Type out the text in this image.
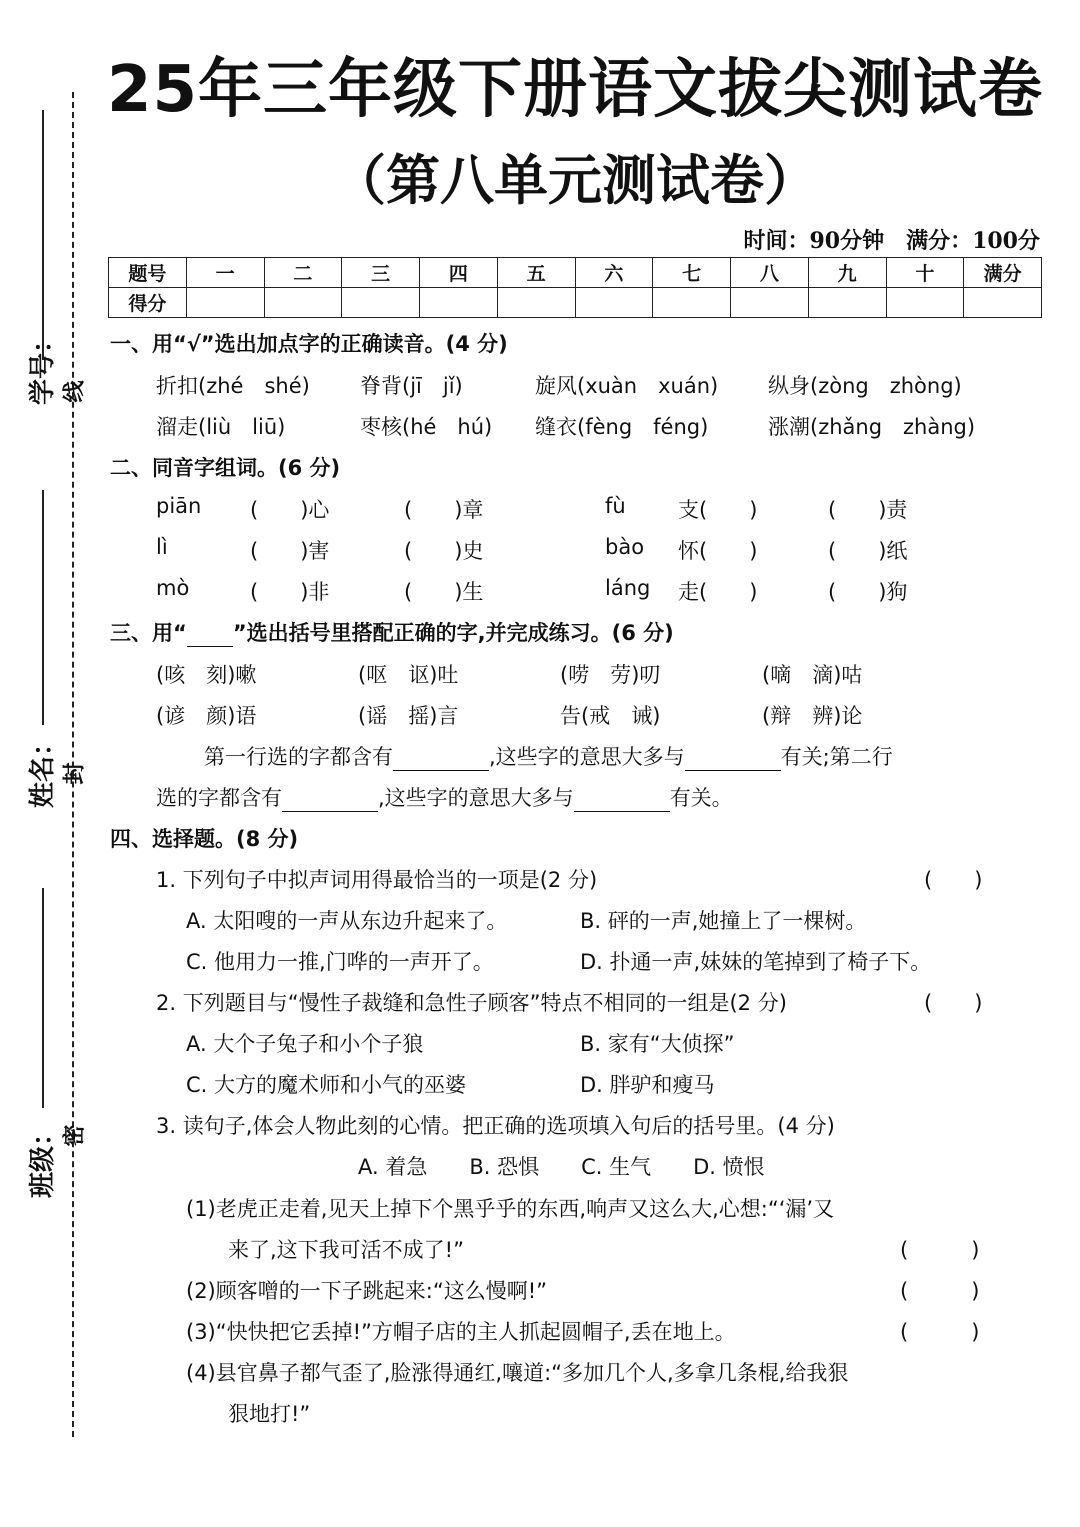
学号：
姓名：
班级：
线
封
密
25年三年级下册语文拔尖测试卷
（第八单元测试卷）
时间：90分钟　满分：100分
题号	一	二	三	四	五	六	七	八	九	十	满分
得分											
一、用“√”选出加点字的正确读音。(4 分)
折扣(zhé　shé) 脊背(jī　jǐ)	旋风(xuàn　xuán) 纵身(zòng　zhòng)
溜走(liù　liū)	枣核(hé　hú) 缝衣(fèng　féng)	涨潮(zhǎng　zhàng)
二、同音字组词。(6 分)
piān (　　)心	(　　)章	fù 支(　　)	(　　)责
lì	(　　)害	(　　)史	bào 怀(　　)	(　　)纸
mò	(　　)非	(　　)生	láng 走(　　)	(　　)狗
三、用“ ”选出括号里搭配正确的字,并完成练习。(6 分)
(咳　刻)嗽	(呕　讴)吐	(唠　劳)叨	(嘀　滴)咕
(谚　颜)语	(谣　摇)言	告(戒　诫)	(辩　辨)论
第一行选的字都含有	,这些字的意思大多与	有关;第二行
选的字都含有	,这些字的意思大多与	有关。
四、选择题。(8 分)
1. 下列句子中拟声词用得最恰当的一项是(2 分)	(　　)
A. 太阳嗖的一声从东边升起来了。	B. 砰的一声,她撞上了一棵树。
C. 他用力一推,门哗的一声开了。	D. 扑通一声,妹妹的笔掉到了椅子下。
2. 下列题目与“慢性子裁缝和急性子顾客”特点不相同的一组是(2 分)	(　　)
A. 大个子兔子和小个子狼	B. 家有“大侦探”
C. 大方的魔术师和小气的巫婆	D. 胖驴和瘦马
3. 读句子,体会人物此刻的心情。把正确的选项填入句后的括号里。(4 分)
A. 着急　　B. 恐惧　　C. 生气　　D. 愤恨
(1)老虎正走着,见天上掉下个黑乎乎的东西,响声又这么大,心想:“‘漏’又
来了,这下我可活不成了!”	(　　　)
(2)顾客噌的一下子跳起来:“这么慢啊!”	(　　　)
(3)“快快把它丢掉!”方帽子店的主人抓起圆帽子,丢在地上。	(　　　)
(4)县官鼻子都气歪了,脸涨得通红,嚷道:“多加几个人,多拿几条棍,给我狠
狠地打!”
